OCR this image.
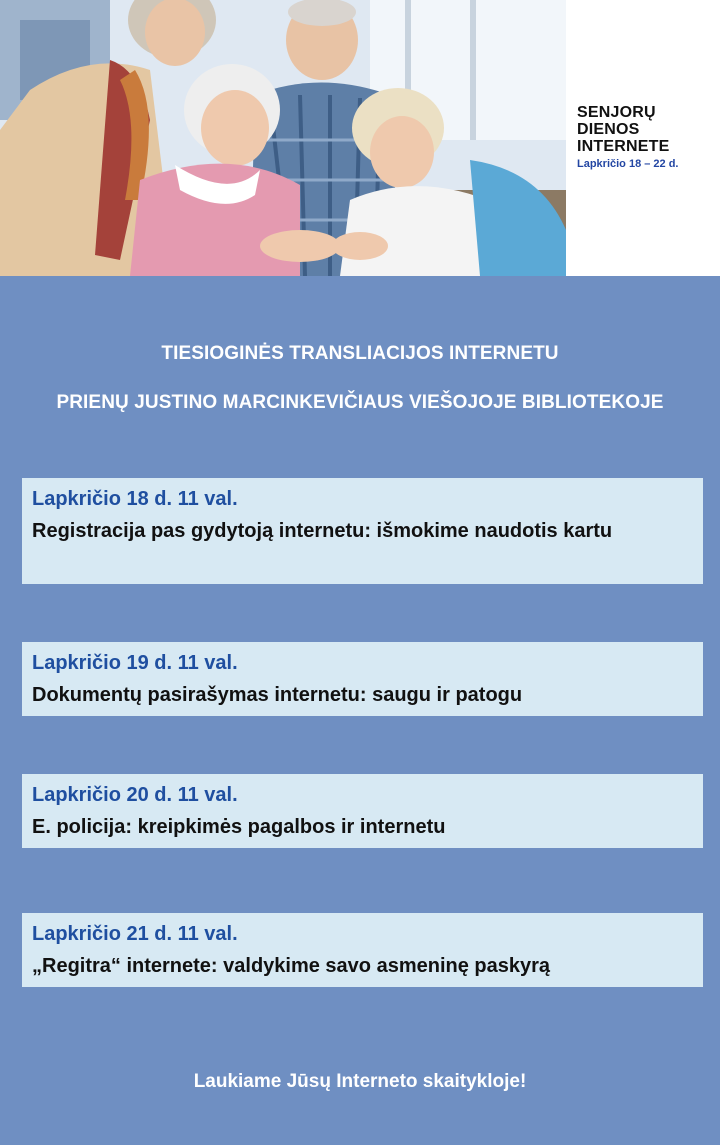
SENJORŲ
DIENOS
INTERNETE
Lapkričio 18 – 22 d.
TIESIOGINĖS TRANSLIACIJOS INTERNETU
PRIENŲ JUSTINO MARCINKEVIČIAUS VIEŠOJOJE BIBLIOTEKOJE
Lapkričio 18 d. 11 val.
Registracija pas gydytoją internetu: išmokime naudotis kartu
Lapkričio 19 d. 11 val.
Dokumentų pasirašymas internetu: saugu ir patogu
Lapkričio 20 d. 11 val.
E. policija: kreipkimės pagalbos ir internetu
Lapkričio 21 d. 11 val.
„Regitra“ internete: valdykime savo asmeninę paskyrą
Laukiame Jūsų Interneto skaitykloje!
